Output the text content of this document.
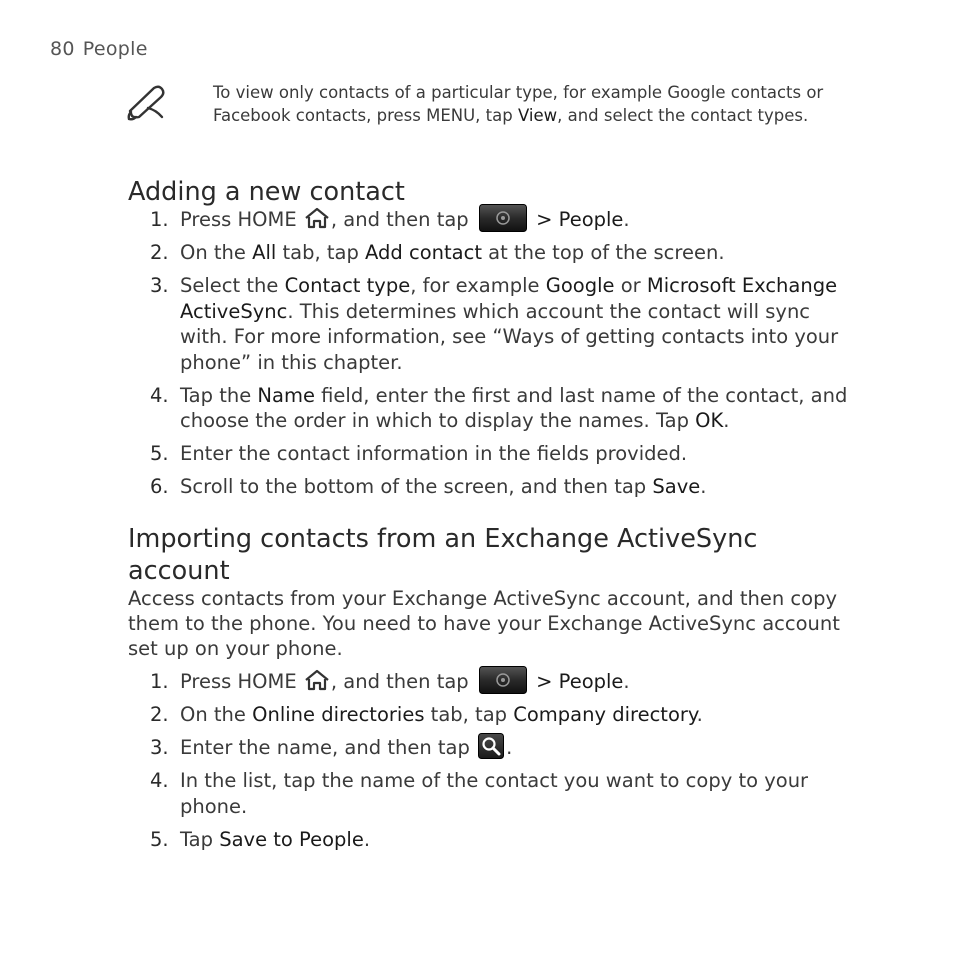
80 People
To view only contacts of a particular type, for example Google contacts or Facebook contacts, press MENU, tap View, and select the contact types.
Adding a new contact
1. Press HOME , and then tap	> People.
2. On the All tab, tap Add contact at the top of the screen.
3. Select the Contact type, for example Google or Microsoft Exchange ActiveSync. This determines which account the contact will sync with. For more information, see “Ways of getting contacts into your phone” in this chapter.
4. Tap the Name field, enter the first and last name of the contact, and choose the order in which to display the names. Tap OK.
5. Enter the contact information in the fields provided.
6. Scroll to the bottom of the screen, and then tap Save.
Importing contacts from an Exchange ActiveSync account
Access contacts from your Exchange ActiveSync account, and then copy them to the phone. You need to have your Exchange ActiveSync account set up on your phone.
1. Press HOME , and then tap	> People.
2. On the Online directories tab, tap Company directory.
3. Enter the name, and then tap .
4. In the list, tap the name of the contact you want to copy to your phone.
5. Tap Save to People.
